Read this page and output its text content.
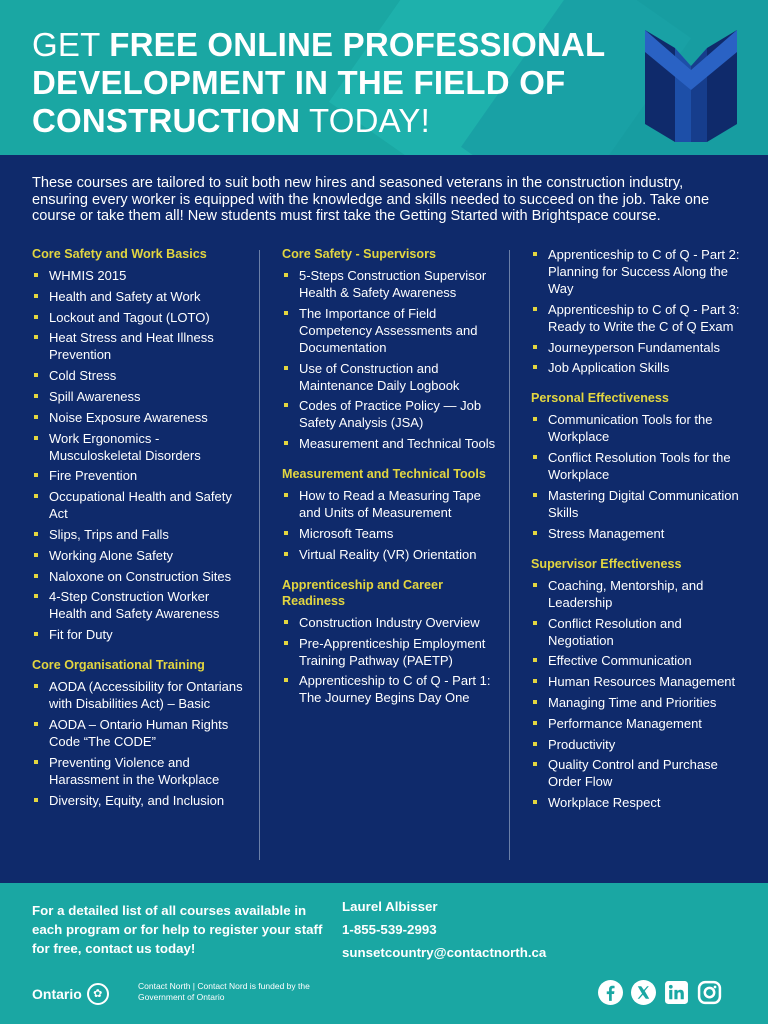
GET FREE ONLINE PROFESSIONAL
DEVELOPMENT IN THE FIELD OF
CONSTRUCTION TODAY!

These courses are tailored to suit both new hires and seasoned veterans in the construction industry, ensuring every worker is equipped with the knowledge and skills needed to succeed on the job. Take one course or take them all! New students must first take the Getting Started with Brightspace course.

Core Safety and Work Basics
WHMIS 2015
Health and Safety at Work
Lockout and Tagout (LOTO)
Heat Stress and Heat Illness Prevention
Cold Stress
Spill Awareness
Noise Exposure Awareness
Work Ergonomics - Musculoskeletal Disorders
Fire Prevention
Occupational Health and Safety Act
Slips, Trips and Falls
Working Alone Safety
Naloxone on Construction Sites
4-Step Construction Worker Health and Safety Awareness
Fit for Duty
Core Organisational Training
AODA (Accessibility for Ontarians with Disabilities Act) – Basic
AODA – Ontario Human Rights Code “The CODE”
Preventing Violence and Harassment in the Workplace
Diversity, Equity, and Inclusion
Core Safety - Supervisors
5-Steps Construction Supervisor Health & Safety Awareness
The Importance of Field Competency Assessments and Documentation
Use of Construction and Maintenance Daily Logbook
Codes of Practice Policy — Job Safety Analysis (JSA)
Measurement and Technical Tools
Measurement and Technical Tools
How to Read a Measuring Tape and Units of Measurement
Microsoft Teams
Virtual Reality (VR) Orientation
Apprenticeship and Career Readiness
Construction Industry Overview
Pre-Apprenticeship Employment Training Pathway (PAETP)
Apprenticeship to C of Q - Part 1: The Journey Begins Day One
Apprenticeship to C of Q - Part 2: Planning for Success Along the Way
Apprenticeship to C of Q - Part 3: Ready to Write the C of Q Exam
Journeyperson Fundamentals
Job Application Skills
Personal Effectiveness
Communication Tools for the Workplace
Conflict Resolution Tools for the Workplace
Mastering Digital Communication Skills
Stress Management
Supervisor Effectiveness
Coaching, Mentorship, and Leadership
Conflict Resolution and Negotiation
Effective Communication
Human Resources Management
Managing Time and Priorities
Performance Management
Productivity
Quality Control and Purchase Order Flow
Workplace Respect

For a detailed list of all courses available in each program or for help to register your staff for free, contact us today!

Laurel Albisser
1-855-539-2993
sunsetcountry@contactnorth.ca
Ontario	✿

Contact North | Contact Nord is funded by the Government of Ontario
